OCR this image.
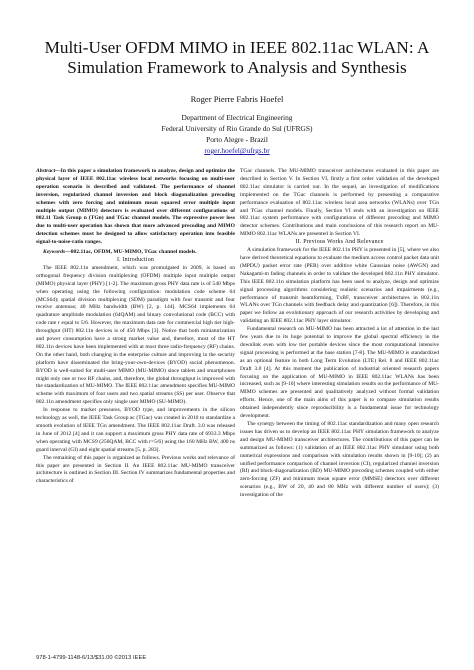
Multi-User OFDM MIMO in IEEE 802.11ac WLAN: A Simulation Framework to Analysis and Synthesis
Roger Pierre Fabris Hoefel
Department of Electrical Engineering
Federal University of Rio Grande do Sul (UFRGS)
Porto Alegre - Brazil
roger.hoefel@ufrgs.br

Abstract—In this paper a simulation framework to analyze, design and optimize the physical layer of IEEE 802.11ac wireless local networks focusing on multi-user operation scenario is described and validated. The performance of channel inversion, regularized channel inversion and block diagonalization precoding schemes with zero forcing and minimum mean squared error multiple input multiple output (MIMO) detectors is evaluated over different configurations of 802.11 Task Group n (TGn) and TGac channel models. The expressive power loss due to multi-user operation has shown that more advanced precoding and MIMO detection schemes must be designed to allow satisfactory operation into feasible signal-to-noise-ratio ranges.

Keywords—802.11ac, OFDM, MU-MIMO, TGac channel models.

I. Introduction

The IEEE 802.11n amendment, which was promulgated in 2009, is based on orthogonal frequency division multiplexing (OFDM) multiple input multiple output (MIMO) physical layer (PHY) [1-2]. The maximum gross PHY data rate is of 540 Mbps when operating using the following configuration: modulation code scheme 64 (MCS64); spatial division multiplexing (SDM) paradigm with four transmit and four receive antennas; 40 MHz bandwidth (BW) [2, p. 144]. MCS64 implements 64 quadrature amplitude modulation (64QAM) and binary convolutional code (BCC) with code rate r equal to 5/6. However, the maximum data rate for commercial high tier high-throughput (HT) 802.11n devices is of 450 Mbps [3]. Notice that both miniaturization and power consumption have a strong market value and, therefore, most of the HT 802.11n devices have been implemented with at most three radio-frequency (RF) chains. On the other hand, both changing in the enterprise culture and improving in the security platform have disseminated the bring-your-own-devices (BYOD) social phenomenon. BYOD is well-suited for multi-user MIMO (MU-MIMO) since tablets and smartphones might only one or two RF chains, and, therefore, the global throughput is improved with the standardization of MU-MIMO. The IEEE 802.11ac amendment specifies MU-MIMO scheme with maximum of four users and two spatial streams (SS) per user. Observe that 802.11n amendment specifies only single user MIMO (SU-MIMO).

In response to market pressures, BYOD type, and improvements in the silicon technology as well, the IEEE Task Group ac (TGac) was created in 2010 to standardize a smooth evolution of IEEE TGn amendment. The IEEE 802.11ac Draft. 3.0 was released in June of 2012 [4] and it can support a maximum gross PHY data rate of 6933.3 Mbps when operating with MCS9 (256QAM, BCC with r=5/6) using the 160 MHz BW, 400 ns guard interval (GI) and eight spatial streams [5, p. 283].

The remaining of this paper is organized as follows. Previous works and relevance of this paper are presented in Section II. An IEEE 802.11ac MU-MIMO transceiver architecture is outlined in Section III. Section IV summarizes fundamental properties and characteristics of

TGac channels. The MU-MIMO transceiver architectures evaluated in this paper are described in Section V. In Section VI, firstly a first order validation of the developed 802.11ac simulator is carried out. In the sequel, an investigation of modifications implemented on the TGac channels is performed by presenting a comparative performance evaluation of 802.11ac wireless local area networks (WLANs) over TGn and TGac channel models. Finally, Section VI ends with an investigation on IEEE 802.11ac system performance with configurations of different precoding and MIMO detector schemes. Contributions and main conclusions of this research report on MU-MIMO 802.11ac WLANs are presented in Section VI.

II. Previous Works And Relevance

A simulation framework for the IEEE 802.11n PHY is presented in [5], where we also have derived theoretical equations to evaluate the medium access control packet data unit (MPDU) packet error rate (PER) over additive white Gaussian noise (AWGN) and Nakagami-m fading channels in order to validate the developed 802.11n PHY simulator. This IEEE 802.11n simulation platform has been used to analyze, design and optimize signal processing algorithms considering realistic scenarios and impairments (e.g., performance of transmit beamforming, TxBF, transceiver architectures in 802.11n WLANs over TGn channels with feedback delay and quantization [6]). Therefore, in this paper we follow an evolutionary approach of our research activities by developing and validating an IEEE 802.11ac PHY layer simulator.

Fundamental research on MU-MIMO has been attracted a lot of attention in the last few years due to its huge potential to improve the global spectral efficiency in the downlink even with low tier portable devices since the most computational intensive signal processing is performed at the base station [7-8]. The MU-MIMO is standardized as an optional feature in both Long Term Evolution (LTE) Rel. 8 and IEEE 802.11ac Draft 3.0 [4]. At this moment the publication of industrial oriented research papers focusing on the application of MU-MIMO in IEEE 802.11ac WLANs has been increased, such as [9-10] where interesting simulation results on the performance of MU-MIMO schemes are presented and qualitatively analyzed without formal validation efforts. Hence, one of the main aims of this paper is to compare simulation results obtained independently since reproducibility is a fundamental issue for technology development.

The synergy between the timing of 802.11ac standardization and many open research issues has driven us to develop an IEEE 802.11ac PHY simulation framework to analyze and design MU-MIMO transceiver architectures. The contributions of this paper can be summarized as follows: (1) validation of an IEEE 802.11ac PHY simulator using both numerical expressions and comparison with simulation results shown in [9-10]; (2) an unified performance comparison of channel inversion (CI), regularized channel inversion (RI) and block-diagonalization (BD) MU-MIMO precoding schemes coupled with either zero-forcing (ZF) and minimum mean square error (MMSE) detectors over different scenarios (e.g., BW of 20, 40 and 80 MHz with different number of users); (3) investigation of the

978-1-4799-1148-6/13/$31.00 ©2013 IEEE
